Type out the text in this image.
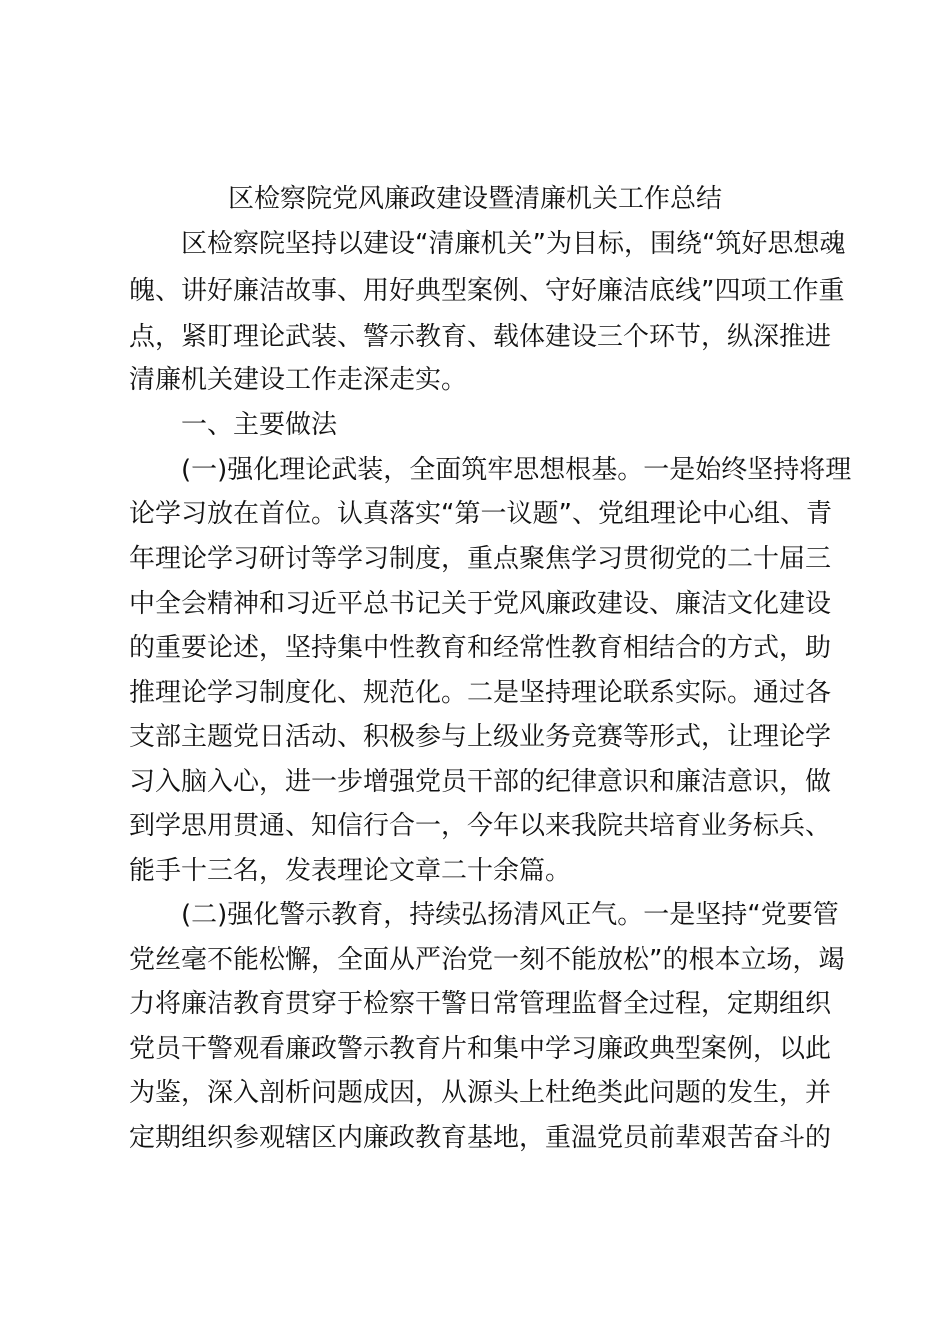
区检察院党风廉政建设暨清廉机关工作总结
区检察院坚持以建设“清廉机关”为目标，围绕“筑好思想魂
魄、讲好廉洁故事、用好典型案例、守好廉洁底线”四项工作重
点，紧盯理论武装、警示教育、载体建设三个环节，纵深推进
清廉机关建设工作走深走实。
一、主要做法
(一)强化理论武装，全面筑牢思想根基。一是始终坚持将理
论学习放在首位。认真落实“第一议题”、党组理论中心组、青
年理论学习研讨等学习制度，重点聚焦学习贯彻党的二十届三
中全会精神和习近平总书记关于党风廉政建设、廉洁文化建设
的重要论述，坚持集中性教育和经常性教育相结合的方式，助
推理论学习制度化、规范化。二是坚持理论联系实际。通过各
支部主题党日活动、积极参与上级业务竞赛等形式，让理论学
习入脑入心，进一步增强党员干部的纪律意识和廉洁意识，做
到学思用贯通、知信行合一，今年以来我院共培育业务标兵、
能手十三名，发表理论文章二十余篇。
(二)强化警示教育，持续弘扬清风正气。一是坚持“党要管
党丝毫不能松懈，全面从严治党一刻不能放松”的根本立场，竭
力将廉洁教育贯穿于检察干警日常管理监督全过程，定期组织
党员干警观看廉政警示教育片和集中学习廉政典型案例，以此
为鉴，深入剖析问题成因，从源头上杜绝类此问题的发生，并
定期组织参观辖区内廉政教育基地，重温党员前辈艰苦奋斗的
